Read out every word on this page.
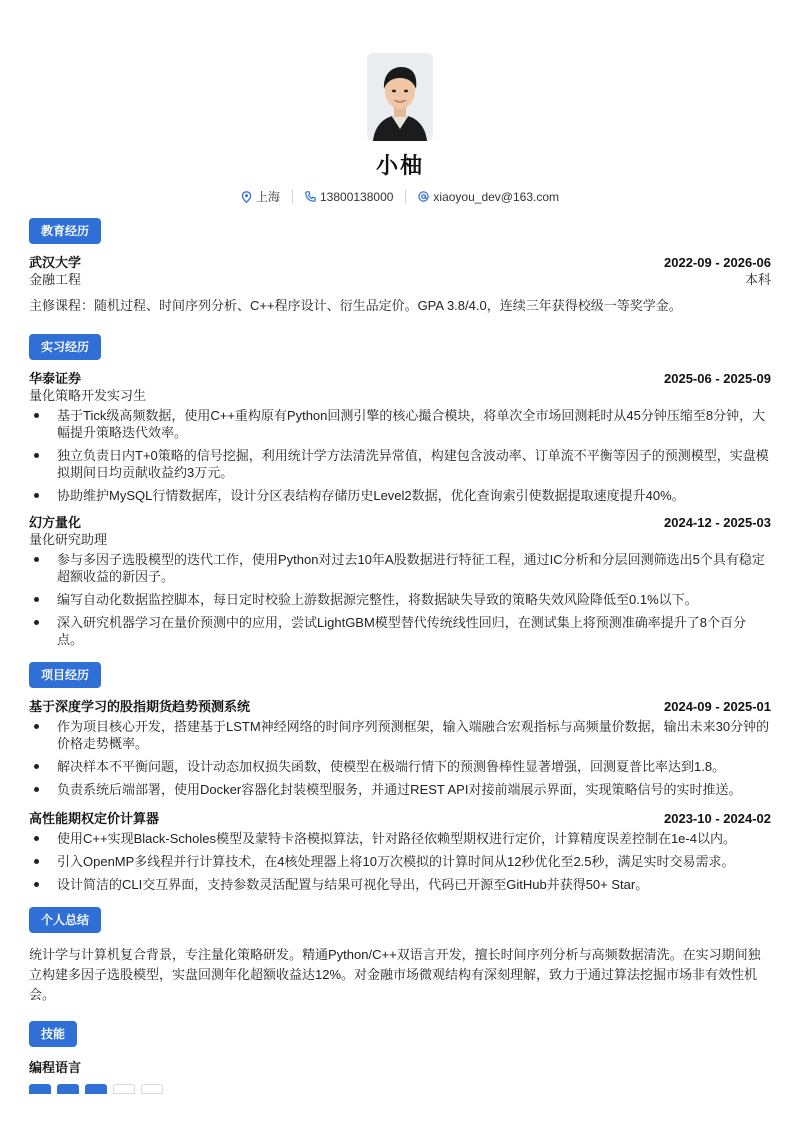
小柚
上海	13800138000	xiaoyou_dev@163.com
教育经历
武汉大学	2022-09 - 2026-06
金融工程	本科
主修课程：随机过程、时间序列分析、C++程序设计、衍生品定价。GPA 3.8/4.0，连续三年获得校级一等奖学金。
实习经历
华泰证券	2025-06 - 2025-09
量化策略开发实习生
基于Tick级高频数据，使用C++重构原有Python回测引擎的核心撮合模块，将单次全市场回测耗时从45分钟压缩至8分钟，大幅提升策略迭代效率。
独立负责日内T+0策略的信号挖掘，利用统计学方法清洗异常值，构建包含波动率、订单流不平衡等因子的预测模型，实盘模拟期间日均贡献收益约3万元。
协助维护MySQL行情数据库，设计分区表结构存储历史Level2数据，优化查询索引使数据提取速度提升40%。
幻方量化	2024-12 - 2025-03
量化研究助理
参与多因子选股模型的迭代工作，使用Python对过去10年A股数据进行特征工程，通过IC分析和分层回测筛选出5个具有稳定超额收益的新因子。
编写自动化数据监控脚本，每日定时校验上游数据源完整性，将数据缺失导致的策略失效风险降低至0.1%以下。
深入研究机器学习在量价预测中的应用，尝试LightGBM模型替代传统线性回归，在测试集上将预测准确率提升了8个百分点。
项目经历
基于深度学习的股指期货趋势预测系统	2024-09 - 2025-01
作为项目核心开发，搭建基于LSTM神经网络的时间序列预测框架，输入端融合宏观指标与高频量价数据，输出未来30分钟的价格走势概率。
解决样本不平衡问题，设计动态加权损失函数，使模型在极端行情下的预测鲁棒性显著增强，回测夏普比率达到1.8。
负责系统后端部署，使用Docker容器化封装模型服务，并通过REST API对接前端展示界面，实现策略信号的实时推送。
高性能期权定价计算器	2023-10 - 2024-02
使用C++实现Black-Scholes模型及蒙特卡洛模拟算法，针对路径依赖型期权进行定价，计算精度误差控制在1e-4以内。
引入OpenMP多线程并行计算技术，在4核处理器上将10万次模拟的计算时间从12秒优化至2.5秒，满足实时交易需求。
设计简洁的CLI交互界面，支持参数灵活配置与结果可视化导出，代码已开源至GitHub并获得50+ Star。
个人总结
统计学与计算机复合背景，专注量化策略研发。精通Python/C++双语言开发，擅长时间序列分析与高频数据清洗。在实习期间独立构建多因子选股模型，实盘回测年化超额收益达12%。对金融市场微观结构有深刻理解，致力于通过算法挖掘市场非有效性机会。
技能
编程语言
